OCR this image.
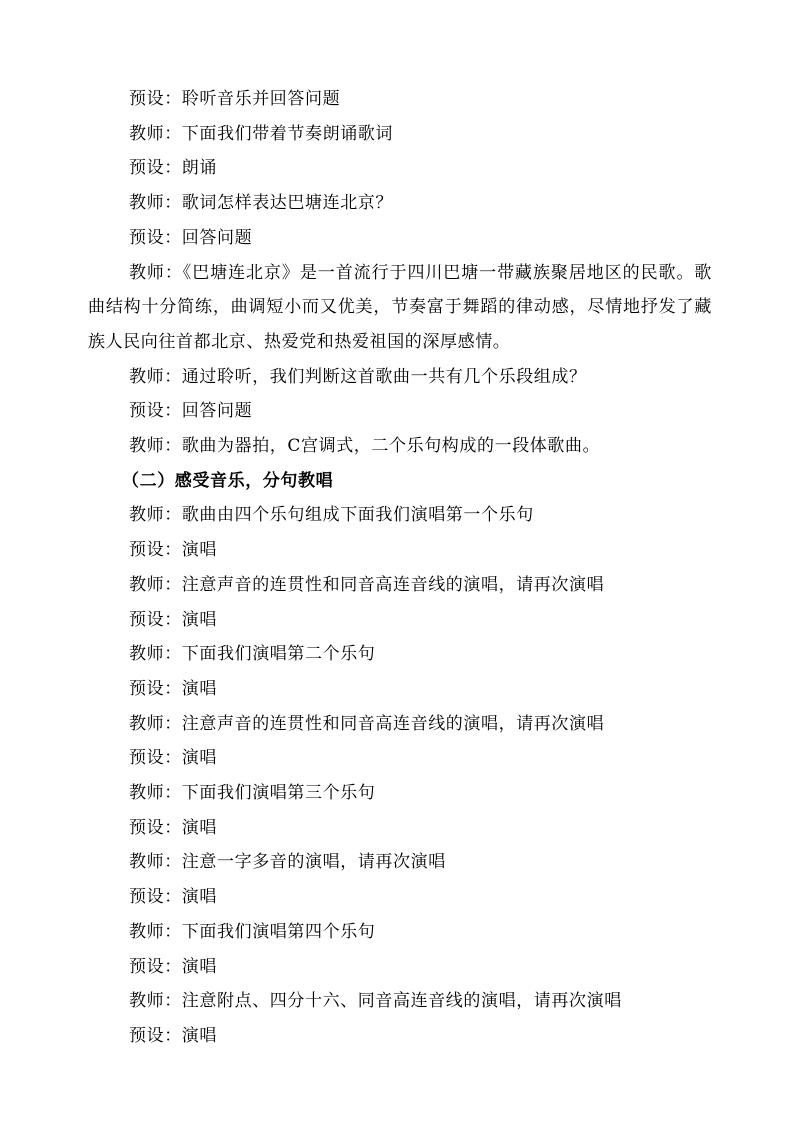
预设：聆听音乐并回答问题
教师：下面我们带着节奏朗诵歌词
预设：朗诵
教师：歌词怎样表达巴塘连北京？
预设：回答问题
教师：《巴塘连北京》是一首流行于四川巴塘一带藏族聚居地区的民歌。歌曲结构十分简练，曲调短小而又优美，节奏富于舞蹈的律动感，尽情地抒发了藏族人民向往首都北京、热爱党和热爱祖国的深厚感情。
教师：通过聆听，我们判断这首歌曲一共有几个乐段组成？
预设：回答问题
教师：歌曲为器拍，C宫调式，二个乐句构成的一段体歌曲。
（二）感受音乐，分句教唱
教师：歌曲由四个乐句组成下面我们演唱第一个乐句
预设：演唱
教师：注意声音的连贯性和同音高连音线的演唱，请再次演唱
预设：演唱
教师：下面我们演唱第二个乐句
预设：演唱
教师：注意声音的连贯性和同音高连音线的演唱，请再次演唱
预设：演唱
教师：下面我们演唱第三个乐句
预设：演唱
教师：注意一字多音的演唱，请再次演唱
预设：演唱
教师：下面我们演唱第四个乐句
预设：演唱
教师：注意附点、四分十六、同音高连音线的演唱，请再次演唱
预设：演唱
